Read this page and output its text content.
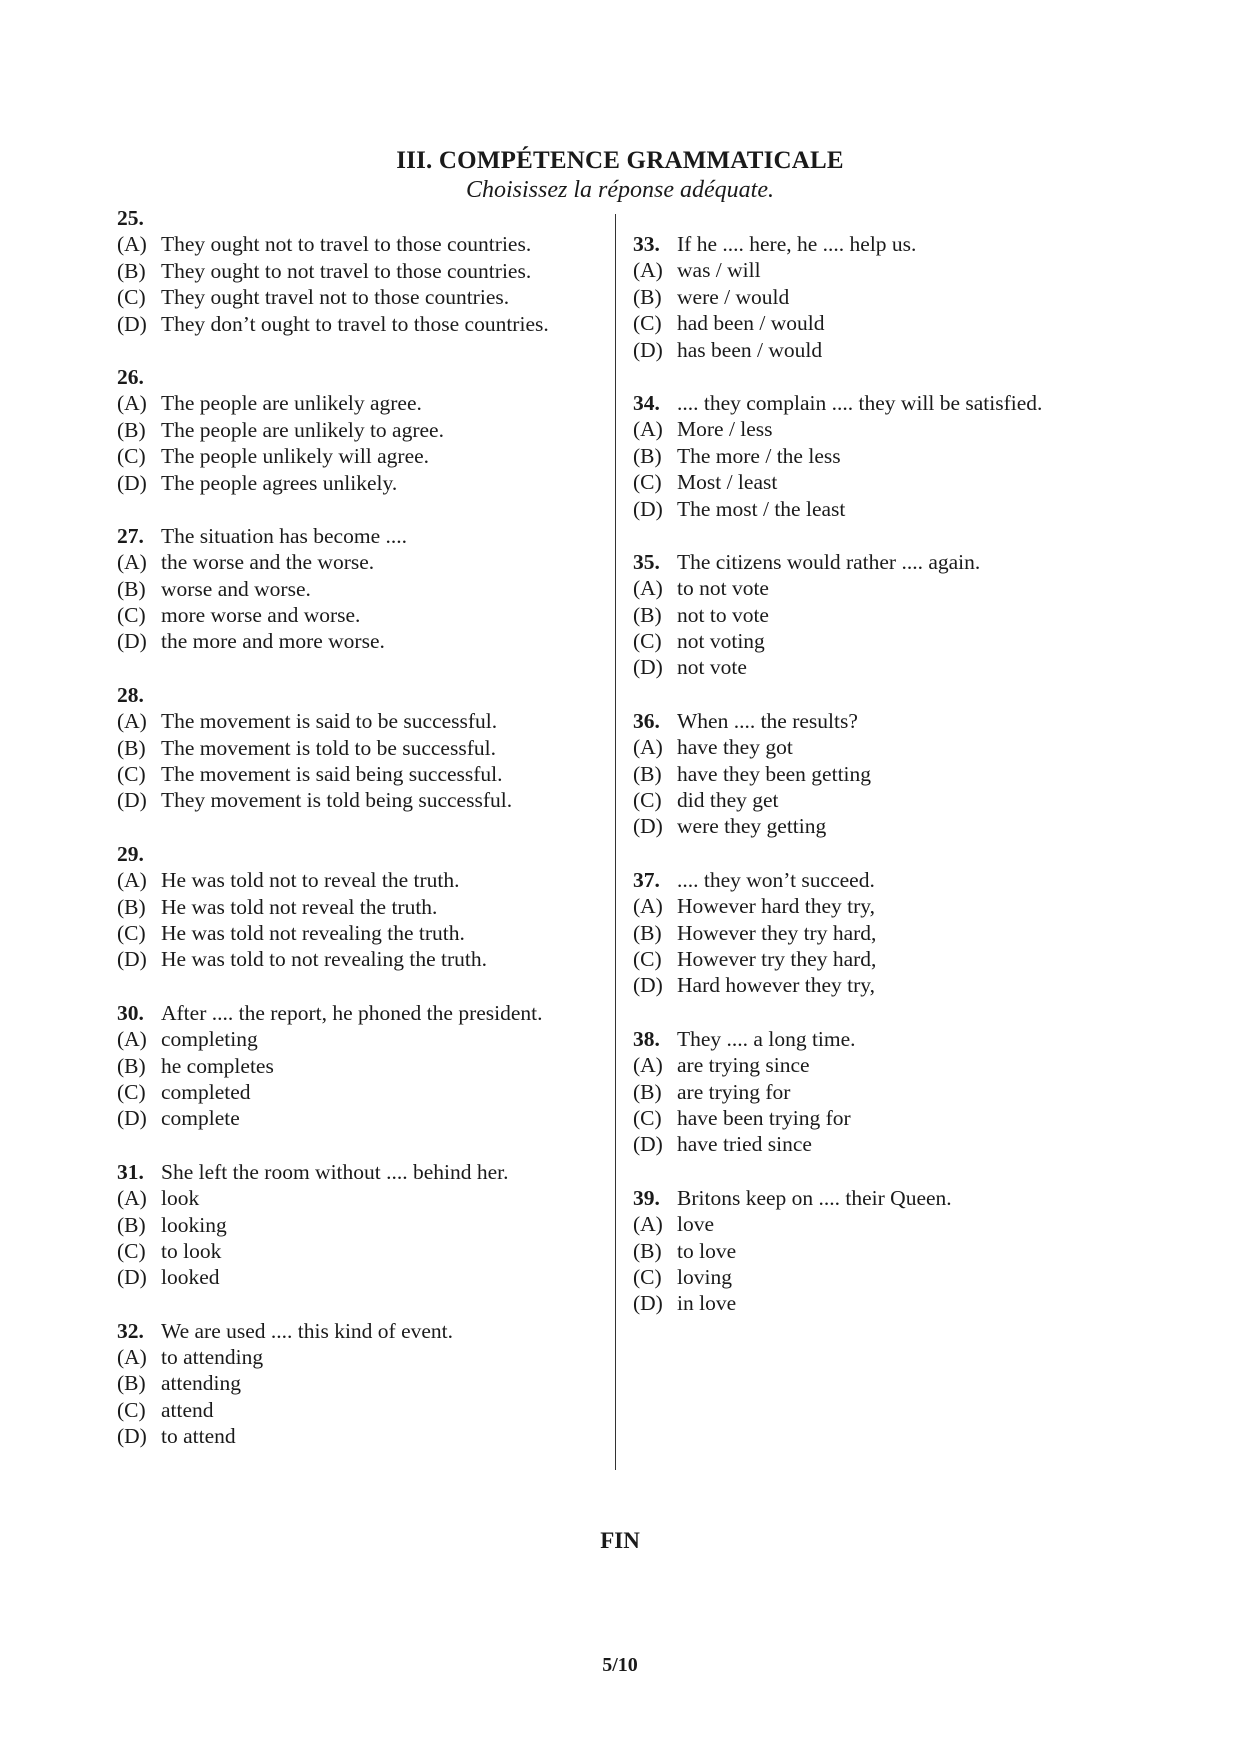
III. COMPÉTENCE GRAMMATICALE
Choisissez la réponse adéquate.
25.
(A) They ought not to travel to those countries.
(B) They ought to not travel to those countries.
(C) They ought travel not to those countries.
(D) They don’t ought to travel to those countries.
26.
(A) The people are unlikely agree.
(B) The people are unlikely to agree.
(C) The people unlikely will agree.
(D) The people agrees unlikely.
27. The situation has become ....
(A) the worse and the worse.
(B) worse and worse.
(C) more worse and worse.
(D) the more and more worse.
28.
(A) The movement is said to be successful.
(B) The movement is told to be successful.
(C) The movement is said being successful.
(D) They movement is told being successful.
29.
(A) He was told not to reveal the truth.
(B) He was told not reveal the truth.
(C) He was told not revealing the truth.
(D) He was told to not revealing the truth.
30. After .... the report, he phoned the president.
(A) completing
(B) he completes
(C) completed
(D) complete
31. She left the room without .... behind her.
(A) look
(B) looking
(C) to look
(D) looked
32. We are used .... this kind of event.
(A) to attending
(B) attending
(C) attend
(D) to attend
33. If he .... here, he .... help us.
(A) was / will
(B) were / would
(C) had been / would
(D) has been / would
34. .... they complain .... they will be satisfied.
(A) More / less
(B) The more / the less
(C) Most / least
(D) The most / the least
35. The citizens would rather .... again.
(A) to not vote
(B) not to vote
(C) not voting
(D) not vote
36. When .... the results?
(A) have they got
(B) have they been getting
(C) did they get
(D) were they getting
37. .... they won’t succeed.
(A) However hard they try,
(B) However they try hard,
(C) However try they hard,
(D) Hard however they try,
38. They .... a long time.
(A) are trying since
(B) are trying for
(C) have been trying for
(D) have tried since
39. Britons keep on .... their Queen.
(A) love
(B) to love
(C) loving
(D) in love
FIN
5/10
